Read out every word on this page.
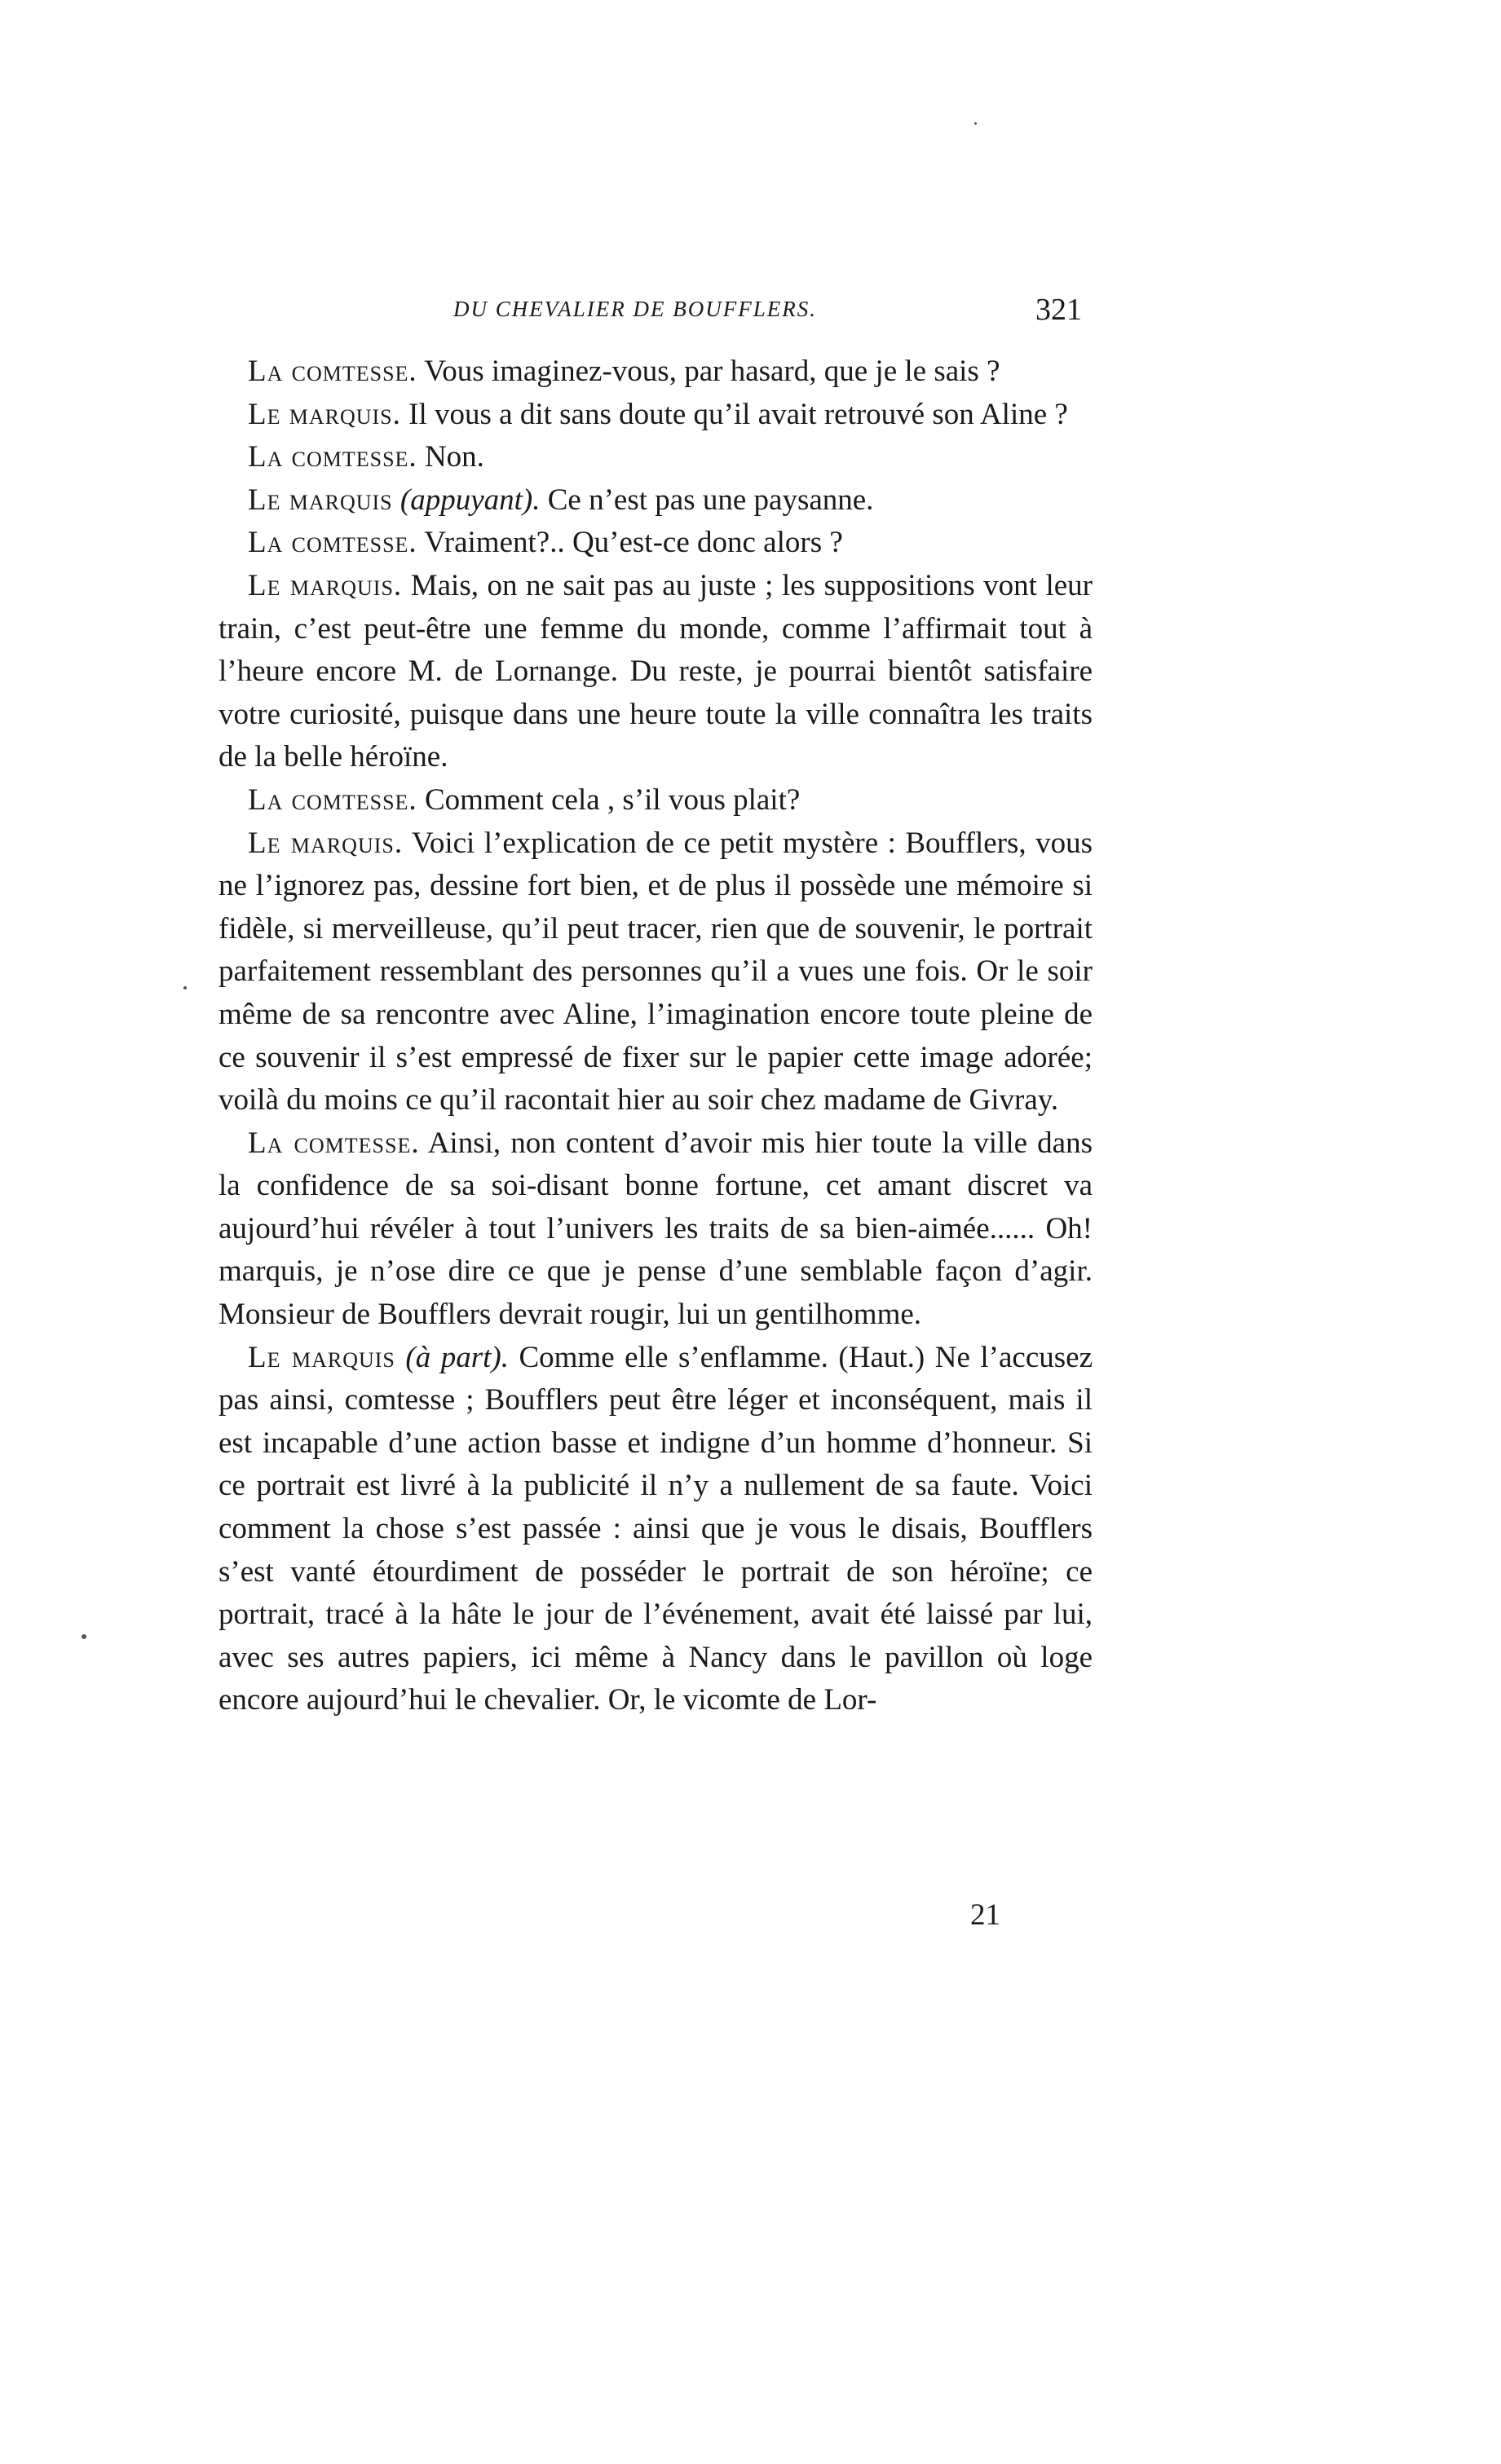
DU CHEVALIER DE BOUFFLERS.	321

La comtesse. Vous imaginez-vous, par hasard, que je le sais ?

Le marquis. Il vous a dit sans doute qu’il avait retrouvé son Aline ?

La comtesse. Non.

Le marquis (appuyant). Ce n’est pas une paysanne.

La comtesse. Vraiment?.. Qu’est-ce donc alors ?

Le marquis. Mais, on ne sait pas au juste ; les suppositions vont leur train, c’est peut-être une femme du monde, comme l’affirmait tout à l’heure encore M. de Lornange. Du reste, je pourrai bientôt satisfaire votre curiosité, puisque dans une heure toute la ville connaîtra les traits de la belle héroïne.

La comtesse. Comment cela , s’il vous plait?

Le marquis. Voici l’explication de ce petit mystère : Boufflers, vous ne l’ignorez pas, dessine fort bien, et de plus il possède une mémoire si fidèle, si merveilleuse, qu’il peut tracer, rien que de souvenir, le portrait parfaitement ressemblant des personnes qu’il a vues une fois. Or le soir même de sa rencontre avec Aline, l’imagination encore toute pleine de ce souvenir il s’est empressé de fixer sur le papier cette image adorée; voilà du moins ce qu’il racontait hier au soir chez madame de Givray.

La comtesse. Ainsi, non content d’avoir mis hier toute la ville dans la confidence de sa soi-disant bonne fortune, cet amant discret va aujourd’hui révéler à tout l’univers les traits de sa bien-aimée...... Oh! marquis, je n’ose dire ce que je pense d’une semblable façon d’agir. Monsieur de Boufflers devrait rougir, lui un gentilhomme.

Le marquis (à part). Comme elle s’enflamme. (Haut.) Ne l’accusez pas ainsi, comtesse ; Boufflers peut être léger et inconséquent, mais il est incapable d’une action basse et indigne d’un homme d’honneur. Si ce portrait est livré à la publicité il n’y a nullement de sa faute. Voici comment la chose s’est passée : ainsi que je vous le disais, Boufflers s’est vanté étourdiment de posséder le portrait de son héroïne; ce portrait, tracé à la hâte le jour de l’événement, avait été laissé par lui, avec ses autres papiers, ici même à Nancy dans le pavillon où loge encore aujourd’hui le chevalier. Or, le vicomte de Lor-

21
